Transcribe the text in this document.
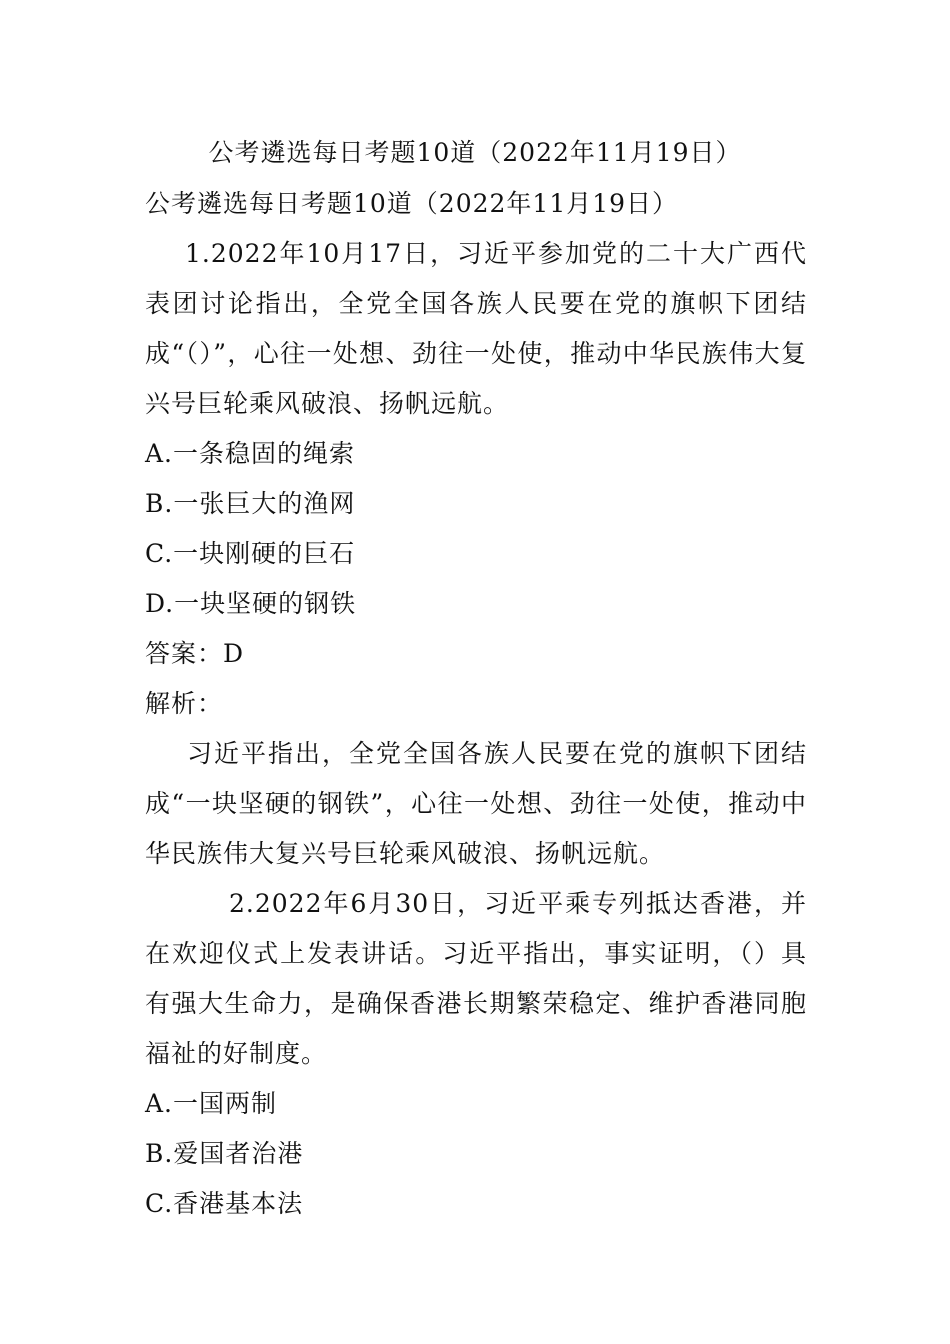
公考遴选每日考题10道（2022年11月19日）

公考遴选每日考题10道（2022年11月19日）

1.2022年10月17日，习近平参加党的二十大广西代表团讨论指出，全党全国各族人民要在党的旗帜下团结成“（）”，心往一处想、劲往一处使，推动中华民族伟大复兴号巨轮乘风破浪、扬帆远航。

A.一条稳固的绳索

B.一张巨大的渔网

C.一块刚硬的巨石

D.一块坚硬的钢铁

答案：D

解析：

习近平指出，全党全国各族人民要在党的旗帜下团结成“一块坚硬的钢铁”，心往一处想、劲往一处使，推动中华民族伟大复兴号巨轮乘风破浪、扬帆远航。

2.2022年6月30日，习近平乘专列抵达香港，并在欢迎仪式上发表讲话。习近平指出，事实证明，（）具有强大生命力，是确保香港长期繁荣稳定、维护香港同胞福祉的好制度。

A.一国两制

B.爱国者治港

C.香港基本法
